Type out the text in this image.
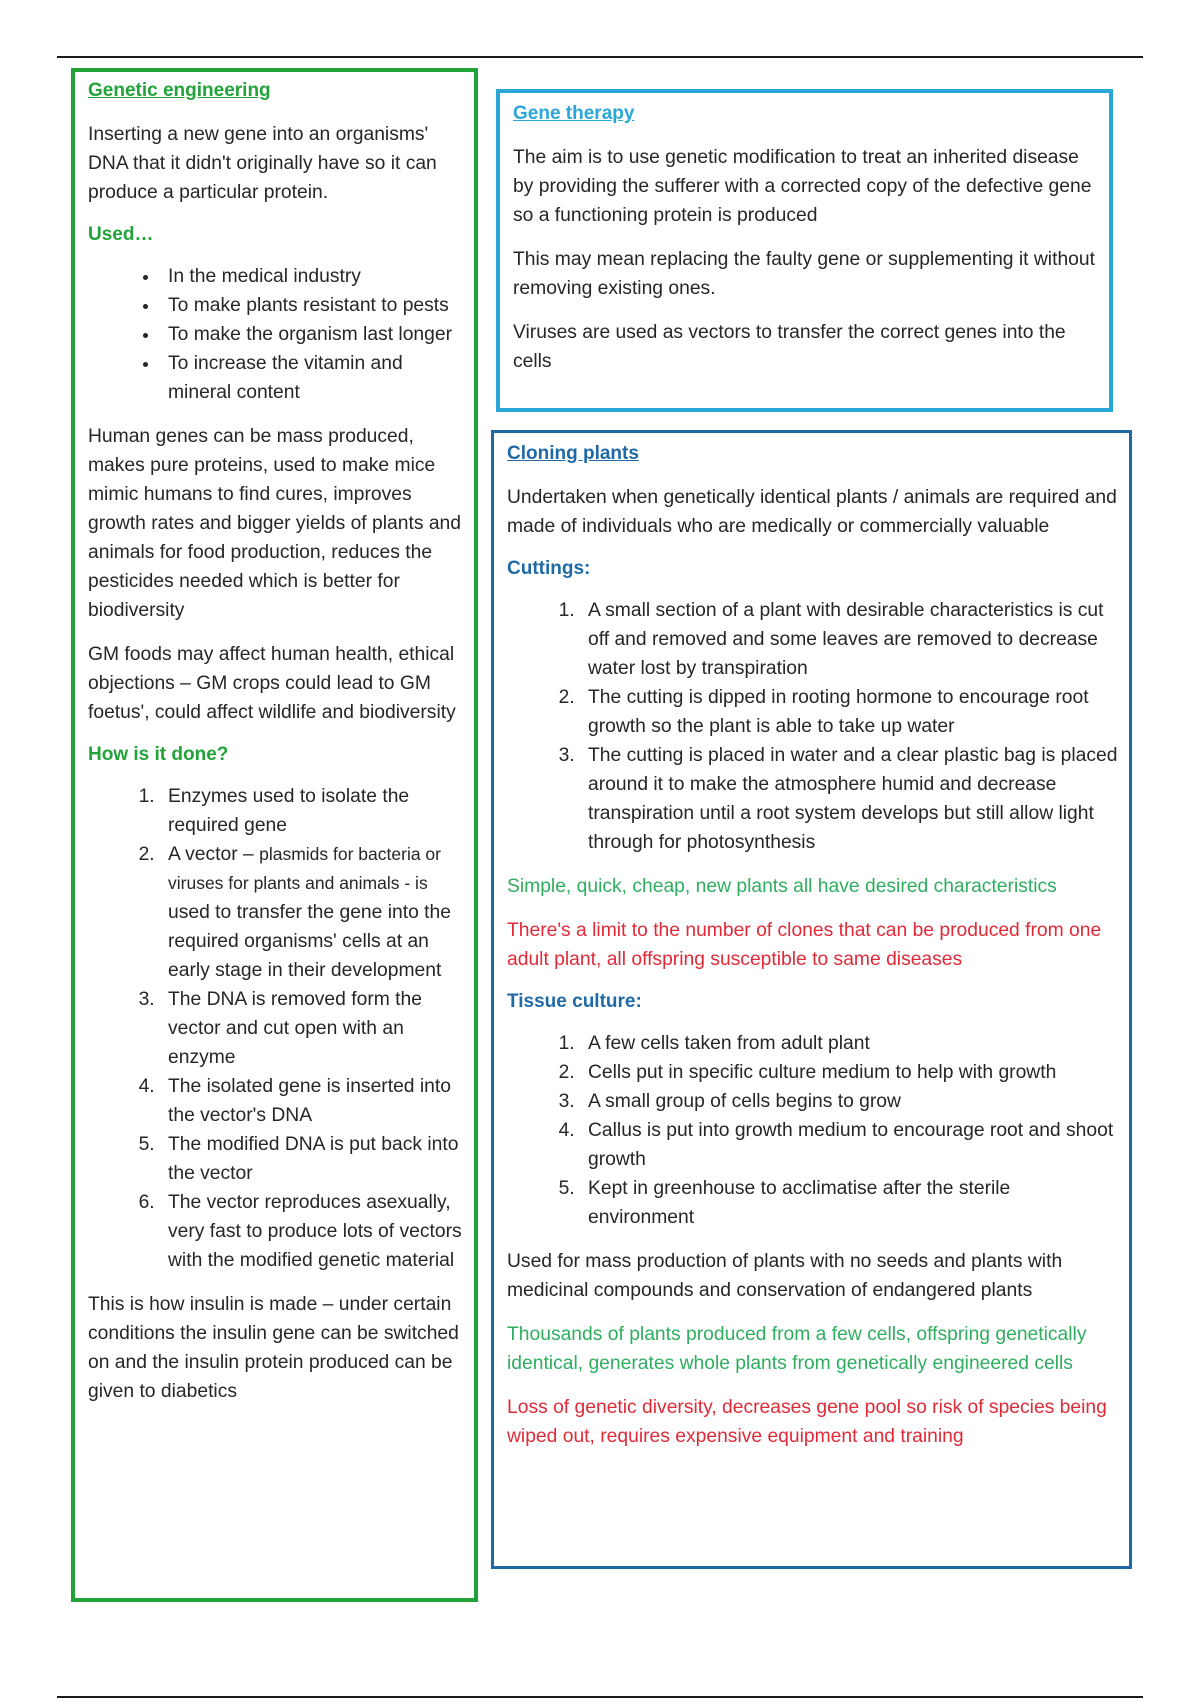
Genetic engineering

Inserting a new gene into an organisms' DNA that it didn't originally have so it can produce a particular protein.

Used…
• In the medical industry
• To make plants resistant to pests
• To make the organism last longer
• To increase the vitamin and mineral content

Human genes can be mass produced, makes pure proteins, used to make mice mimic humans to find cures, improves growth rates and bigger yields of plants and animals for food production, reduces the pesticides needed which is better for biodiversity

GM foods may affect human health, ethical objections – GM crops could lead to GM foetus', could affect wildlife and biodiversity

How is it done?
1. Enzymes used to isolate the required gene
2. A vector – plasmids for bacteria or viruses for plants and animals - is used to transfer the gene into the required organisms' cells at an early stage in their development
3. The DNA is removed form the vector and cut open with an enzyme
4. The isolated gene is inserted into the vector's DNA
5. The modified DNA is put back into the vector
6. The vector reproduces asexually, very fast to produce lots of vectors with the modified genetic material

This is how insulin is made – under certain conditions the insulin gene can be switched on and the insulin protein produced can be given to diabetics

Gene therapy

The aim is to use genetic modification to treat an inherited disease by providing the sufferer with a corrected copy of the defective gene so a functioning protein is produced

This may mean replacing the faulty gene or supplementing it without removing existing ones.

Viruses are used as vectors to transfer the correct genes into the cells

Cloning plants

Undertaken when genetically identical plants / animals are required and made of individuals who are medically or commercially valuable

Cuttings:
1. A small section of a plant with desirable characteristics is cut off and removed and some leaves are removed to decrease water lost by transpiration
2. The cutting is dipped in rooting hormone to encourage root growth so the plant is able to take up water
3. The cutting is placed in water and a clear plastic bag is placed around it to make the atmosphere humid and decrease transpiration until a root system develops but still allow light through for photosynthesis

Simple, quick, cheap, new plants all have desired characteristics

There's a limit to the number of clones that can be produced from one adult plant, all offspring susceptible to same diseases

Tissue culture:
1. A few cells taken from adult plant
2. Cells put in specific culture medium to help with growth
3. A small group of cells begins to grow
4. Callus is put into growth medium to encourage root and shoot growth
5. Kept in greenhouse to acclimatise after the sterile environment

Used for mass production of plants with no seeds and plants with medicinal compounds and conservation of endangered plants

Thousands of plants produced from a few cells, offspring genetically identical, generates whole plants from genetically engineered cells

Loss of genetic diversity, decreases gene pool so risk of species being wiped out, requires expensive equipment and training
